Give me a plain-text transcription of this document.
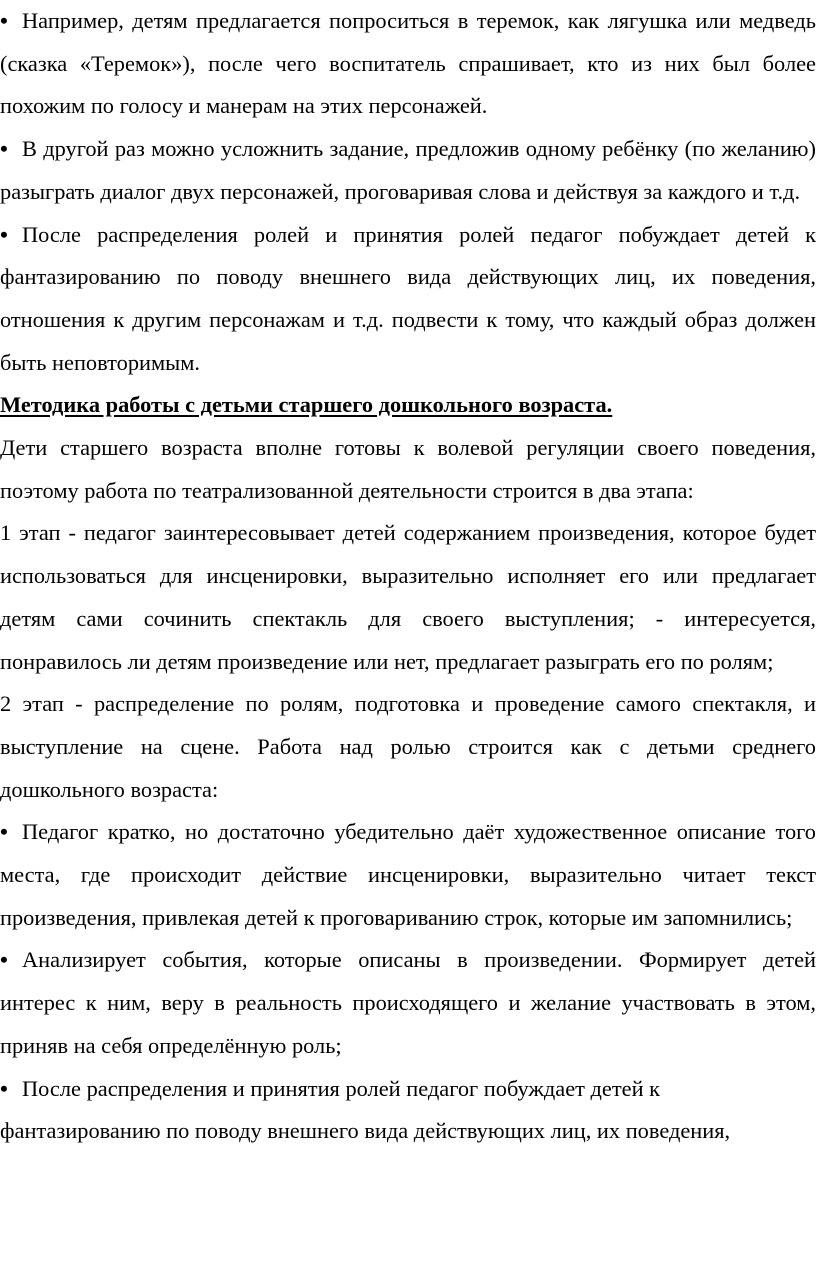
• Например, детям предлагается попроситься в теремок, как лягушка или медведь (сказка «Теремок»), после чего воспитатель спрашивает, кто из них был более похожим по голосу и манерам на этих персонажей.

• В другой раз можно усложнить задание, предложив одному ребёнку (по желанию) разыграть диалог двух персонажей, проговаривая слова и действуя за каждого и т.д.

• После распределения ролей и принятия ролей педагог побуждает детей к фантазированию по поводу внешнего вида действующих лиц, их поведения, отношения к другим персонажам и т.д. подвести к тому, что каждый образ должен быть неповторимым.

Методика работы с детьми старшего дошкольного возраста.

Дети старшего возраста вполне готовы к волевой регуляции своего поведения, поэтому работа по театрализованной деятельности строится в два этапа:

1 этап - педагог заинтересовывает детей содержанием произведения, которое будет использоваться для инсценировки, выразительно исполняет его или предлагает детям сами сочинить спектакль для своего выступления; - интересуется, понравилось ли детям произведение или нет, предлагает разыграть его по ролям;

2 этап - распределение по ролям, подготовка и проведение самого спектакля, и выступление на сцене. Работа над ролью строится как с детьми среднего дошкольного возраста:

• Педагог кратко, но достаточно убедительно даёт художественное описание того места, где происходит действие инсценировки, выразительно читает текст произведения, привлекая детей к проговариванию строк, которые им запомнились;

• Анализирует события, которые описаны в произведении. Формирует детей интерес к ним, веру в реальность происходящего и желание участвовать в этом, приняв на себя определённую роль;

• После распределения и принятия ролей педагог побуждает детей к фантазированию по поводу внешнего вида действующих лиц, их поведения,
